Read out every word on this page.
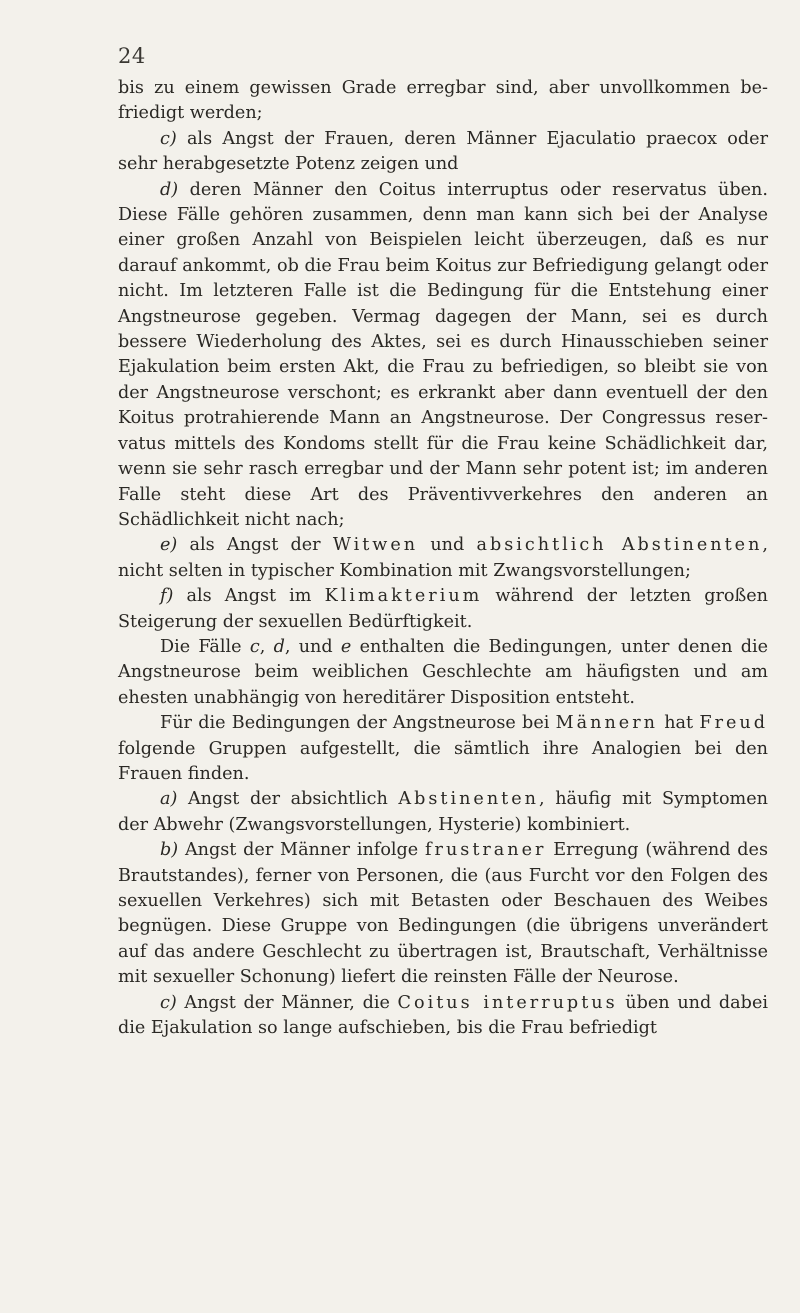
24

bis zu einem gewissen Grade erregbar sind, aber unvollkommen befriedigt werden;

c) als Angst der Frauen, deren Männer Ejaculatio praecox oder sehr herabgesetzte Potenz zeigen und

d) deren Männer den Coitus interruptus oder reservatus üben. Diese Fälle gehören zusammen, denn man kann sich bei der Analyse einer großen Anzahl von Beispielen leicht überzeugen, daß es nur darauf ankommt, ob die Frau beim Koitus zur Befriedigung gelangt oder nicht. Im letzteren Falle ist die Bedingung für die Entstehung einer Angstneurose gegeben. Vermag dagegen der Mann, sei es durch bessere Wiederholung des Aktes, sei es durch Hinausschieben seiner Ejakulation beim ersten Akt, die Frau zu befriedigen, so bleibt sie von der Angstneurose verschont; es erkrankt aber dann eventuell der den Koitus protrahierende Mann an Angstneurose. Der Congressus reservatus mittels des Kondoms stellt für die Frau keine Schädlichkeit dar, wenn sie sehr rasch erregbar und der Mann sehr potent ist; im anderen Falle steht diese Art des Präventivverkehres den anderen an Schädlichkeit nicht nach;

e) als Angst der Witwen und absichtlich Abstinenten, nicht selten in typischer Kombination mit Zwangsvorstellungen;

f) als Angst im Klimakterium während der letzten großen Steigerung der sexuellen Bedürftigkeit.

Die Fälle c, d, und e enthalten die Bedingungen, unter denen die Angstneurose beim weiblichen Geschlechte am häufigsten und am ehesten unabhängig von hereditärer Disposition entsteht.

Für die Bedingungen der Angstneurose bei Männern hat Freud folgende Gruppen aufgestellt, die sämtlich ihre Analogien bei den Frauen finden.

a) Angst der absichtlich Abstinenten, häufig mit Symptomen der Abwehr (Zwangsvorstellungen, Hysterie) kombiniert.

b) Angst der Männer infolge frustraner Erregung (während des Brautstandes), ferner von Personen, die (aus Furcht vor den Folgen des sexuellen Verkehres) sich mit Betasten oder Beschauen des Weibes begnügen. Diese Gruppe von Bedingungen (die übrigens unverändert auf das andere Geschlecht zu übertragen ist, Brautschaft, Verhältnisse mit sexueller Schonung) liefert die reinsten Fälle der Neurose.

c) Angst der Männer, die Coitus interruptus üben und dabei die Ejakulation so lange aufschieben, bis die Frau befriedigt
